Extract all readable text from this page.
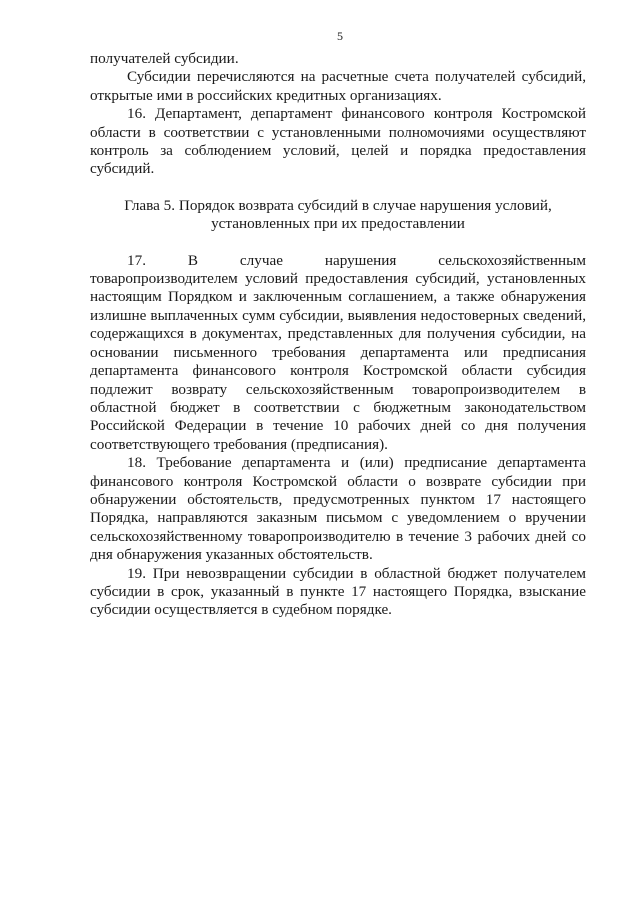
5

получателей субсидии.

Субсидии перечисляются на расчетные счета получателей субсидий, открытые ими в российских кредитных организациях.

16. Департамент, департамент финансового контроля Костромской области в соответствии с установленными полномочиями осуществляют контроль за соблюдением условий, целей и порядка предоставления субсидий.

Глава 5. Порядок возврата субсидий в случае нарушения условий,
установленных при их предоставлении

17. В случае нарушения сельскохозяйственным

товаропроизводителем условий предоставления субсидий, установленных настоящим Порядком и заключенным соглашением, а также обнаружения излишне выплаченных сумм субсидии, выявления недостоверных сведений, содержащихся в документах, представленных для получения субсидии, на основании письменного требования департамента или предписания департамента финансового контроля Костромской области субсидия подлежит возврату сельскохозяйственным товаропроизводителем в областной бюджет в соответствии с бюджетным законодательством Российской Федерации в течение 10 рабочих дней со дня получения соответствующего требования (предписания).

18. Требование департамента и (или) предписание департамента финансового контроля Костромской области о возврате субсидии при обнаружении обстоятельств, предусмотренных пунктом 17 настоящего Порядка, направляются заказным письмом с уведомлением о вручении сельскохозяйственному товаропроизводителю в течение 3 рабочих дней со дня обнаружения указанных обстоятельств.

19. При невозвращении субсидии в областной бюджет получателем субсидии в срок, указанный в пункте 17 настоящего Порядка, взыскание субсидии осуществляется в судебном порядке.
